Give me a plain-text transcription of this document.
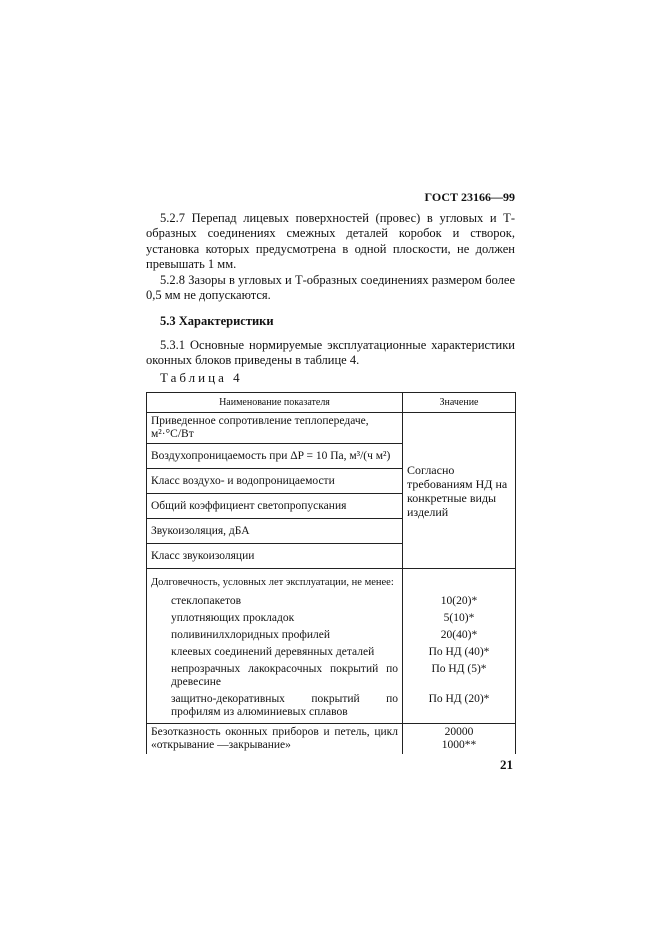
ГОСТ 23166—99
5.2.7 Перепад лицевых поверхностей (провес) в угловых и Т-образных соединениях смежных деталей коробок и створок, установка которых предусмотрена в одной плоскости, не должен превышать 1 мм.
5.2.8 Зазоры в угловых и Т-образных соединениях размером более 0,5 мм не допускаются.
5.3 Характеристики
5.3.1 Основные нормируемые эксплуатационные характеристики оконных блоков приведены в таблице 4.
Таблица 4
Наименование показателя	Значение
Приведенное сопротивление теплопередаче, м²·°С/Вт	Согласно требованиям НД на конкретные виды изделий
Воздухопроницаемость при ΔP = 10 Па, м³/(ч м²)	
Класс воздухо- и водопроницаемости	
Общий коэффициент светопропускания	
Звукоизоляция, дБА	
Класс звукоизоляции	
Долговечность, условных лет эксплуатации, не менее:	
стеклопакетов	10(20)*
уплотняющих прокладок	5(10)*
поливинилхлоридных профилей	20(40)*
клеевых соединений деревянных деталей	По НД (40)*
непрозрачных лакокрасочных покрытий по древесине	По НД (5)*
защитно-декоративных покрытий по профилям из алюминиевых сплавов	По НД (20)*
Безотказность оконных приборов и петель, цикл «открывание —закрывание»	20000
1000**
21
